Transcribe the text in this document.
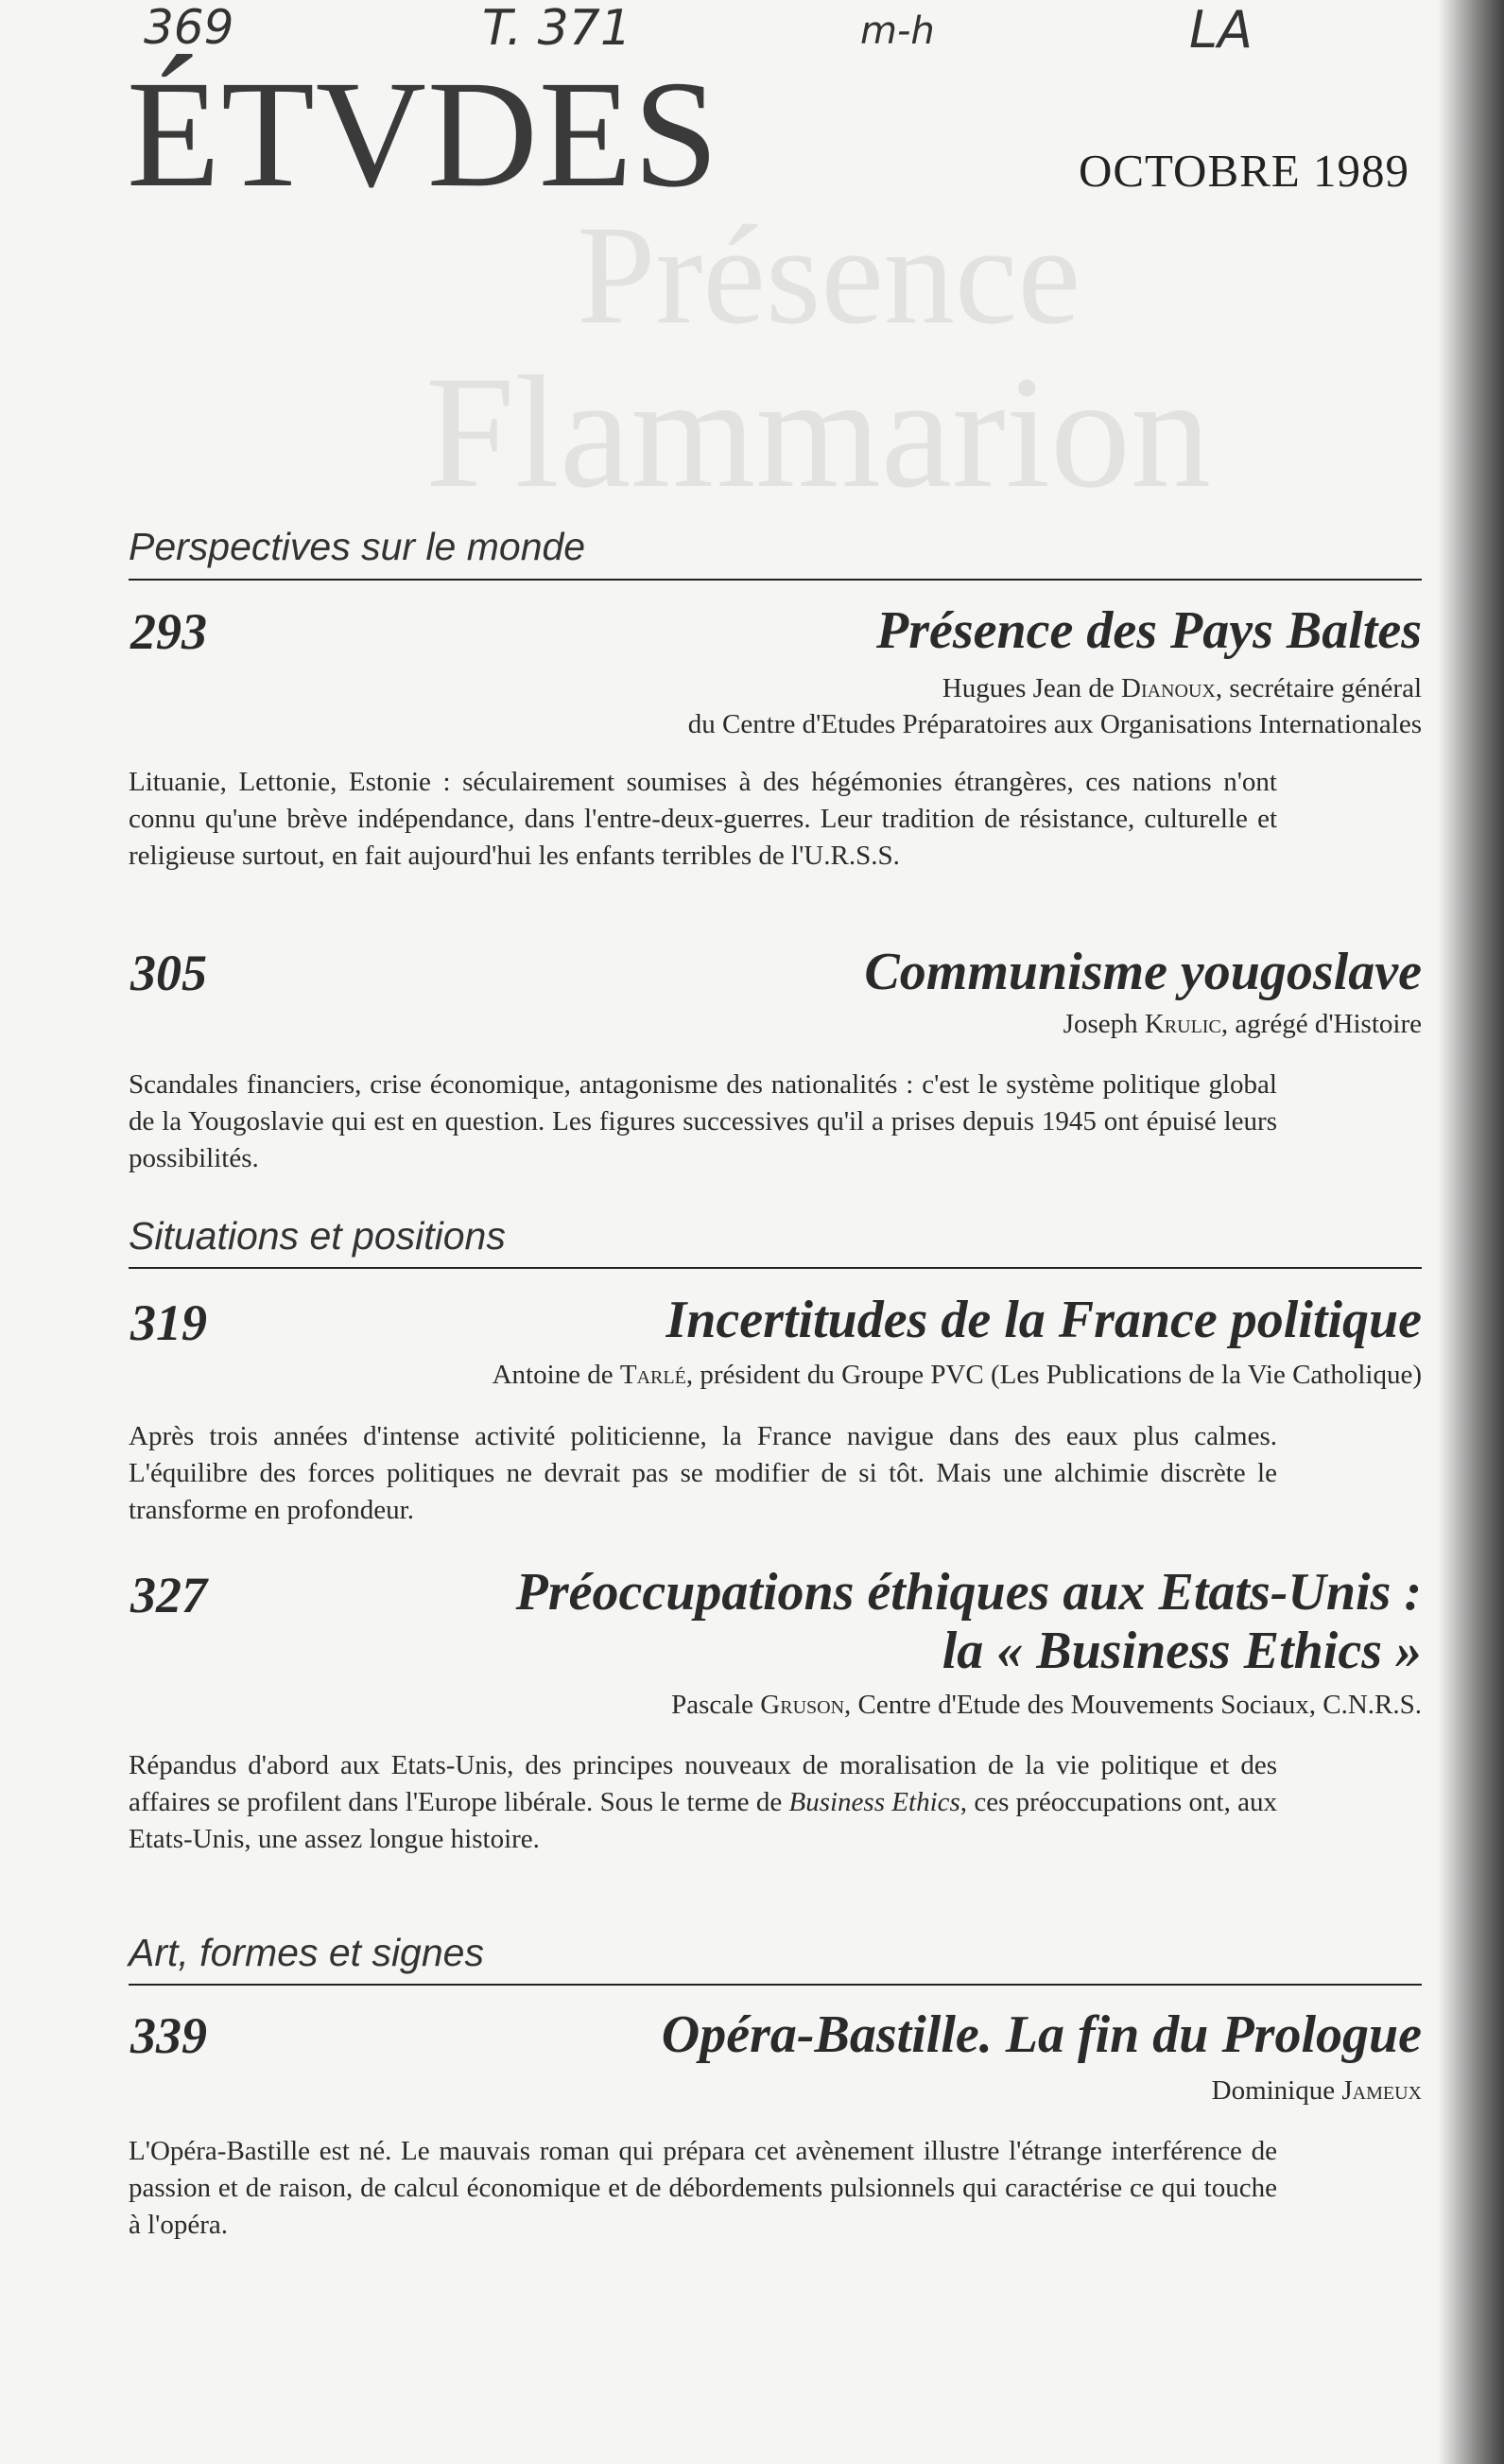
Présence
Flammarion
369	T. 371	m-h	LA
ÉTVDES	OCTOBRE 1989
Perspectives sur le monde
293	Présence des Pays Baltes
Hugues Jean de Dianoux, secrétaire général
du Centre d'Etudes Préparatoires aux Organisations Internationales
Lituanie, Lettonie, Estonie : séculairement soumises à des hégémonies étrangères, ces nations n'ont connu qu'une brève indépendance, dans l'entre-deux-guerres. Leur tradition de résistance, culturelle et religieuse surtout, en fait aujourd'hui les enfants terribles de l'U.R.S.S.
305	Communisme yougoslave
Joseph Krulic, agrégé d'Histoire
Scandales financiers, crise économique, antagonisme des nationalités : c'est le système politique global de la Yougoslavie qui est en question. Les figures successives qu'il a prises depuis 1945 ont épuisé leurs possibilités.
Situations et positions
319	Incertitudes de la France politique
Antoine de Tarlé, président du Groupe PVC (Les Publications de la Vie Catholique)
Après trois années d'intense activité politicienne, la France navigue dans des eaux plus calmes. L'équilibre des forces politiques ne devrait pas se modifier de si tôt. Mais une alchimie discrète le transforme en profondeur.
327	Préoccupations éthiques aux Etats-Unis :
la « Business Ethics »
Pascale Gruson, Centre d'Etude des Mouvements Sociaux, C.N.R.S.
Répandus d'abord aux Etats-Unis, des principes nouveaux de moralisation de la vie politique et des affaires se profilent dans l'Europe libérale. Sous le terme de Business Ethics, ces préoccupations ont, aux Etats-Unis, une assez longue histoire.
Art, formes et signes
339	Opéra-Bastille. La fin du Prologue
Dominique Jameux
L'Opéra-Bastille est né. Le mauvais roman qui prépara cet avènement illustre l'étrange interférence de passion et de raison, de calcul économique et de débordements pulsionnels qui caractérise ce qui touche à l'opéra.
